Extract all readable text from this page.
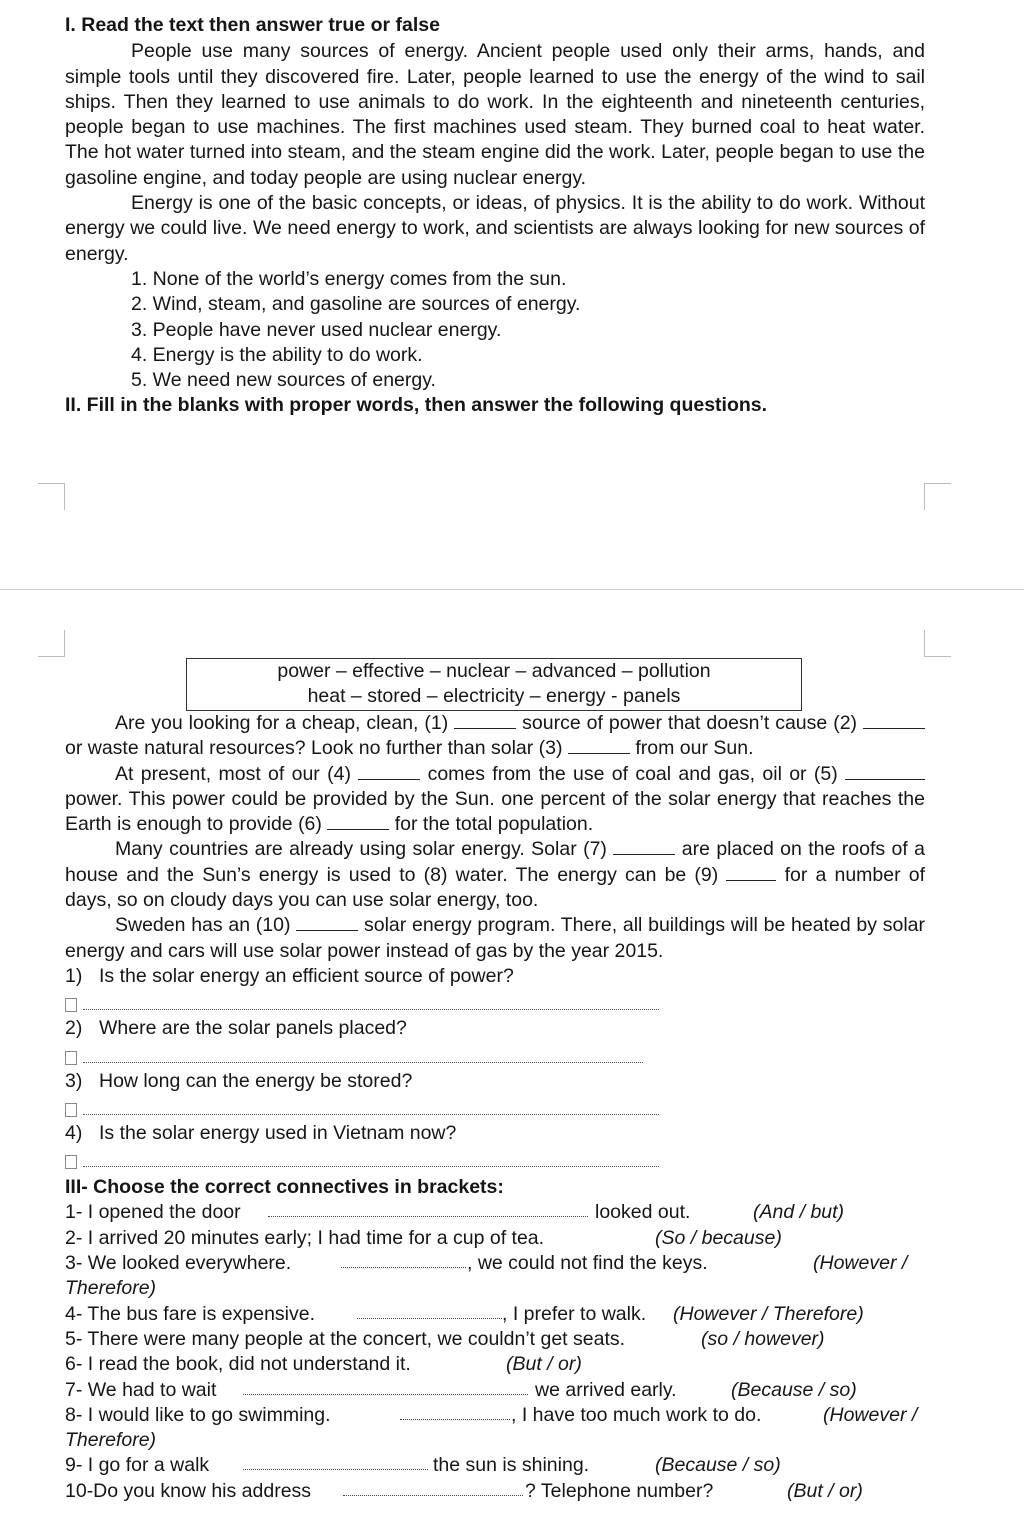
I. Read the text then answer true or false

People use many sources of energy. Ancient people used only their arms, hands, and simple tools until they discovered fire. Later, people learned to use the energy of the wind to sail ships. Then they learned to use animals to do work. In the eighteenth and nineteenth centuries, people began to use machines. The first machines used steam. They burned coal to heat water. The hot water turned into steam, and the steam engine did the work. Later, people began to use the gasoline engine, and today people are using nuclear energy.

Energy is one of the basic concepts, or ideas, of physics. It is the ability to do work. Without energy we could live. We need energy to work, and scientists are always looking for new sources of energy.

1. None of the world’s energy comes from the sun.

2. Wind, steam, and gasoline are sources of energy.

3. People have never used nuclear energy.

4. Energy is the ability to do work.

5. We need new sources of energy.

II. Fill in the blanks with proper words, then answer the following questions.

power – effective – nuclear – advanced – pollution
heat – stored – electricity – energy - panels

Are you looking for a cheap, clean, (1)	source of power that doesn’t cause (2)  or waste natural resources? Look no further than solar (3)	from our Sun.

At present, most of our (4)	comes from the use of coal and gas, oil or (5)  power. This power could be provided by the Sun. one percent of the solar energy that reaches the Earth is enough to provide (6)	for the total population.

Many countries are already using solar energy. Solar (7)	are placed on the roofs of a house and the Sun’s energy is used to (8) water. The energy can be (9)	for a number of days, so on cloudy days you can use solar energy, too.

Sweden has an (10)	solar energy program. There, all buildings will be heated by solar energy and cars will use solar power instead of gas by the year 2015.

1) Is the solar energy an efficient source of power?
2) Where are the solar panels placed?
3) How long can the energy be stored?
4) Is the solar energy used in Vietnam now?

III- Choose the correct connectives in brackets:

1- I opened the door	looked out.	(And / but)
2- I arrived 20 minutes early; I had time for a cup of tea.	(So / because)
3- We looked everywhere.	, we could not find the keys.	(However /
Therefore)
4- The bus fare is expensive.	, I prefer to walk. (However / Therefore)
5- There were many people at the concert, we couldn’t get seats.	(so / however)
6- I read the book, did not understand it.	(But / or)
7- We had to wait	we arrived early.	(Because / so)
8- I would like to go swimming.	, I have too much work to do.	(However /
Therefore)
9- I go for a walk	the sun is shining.	(Because / so)
10-Do you know his address	? Telephone number?	(But / or)
